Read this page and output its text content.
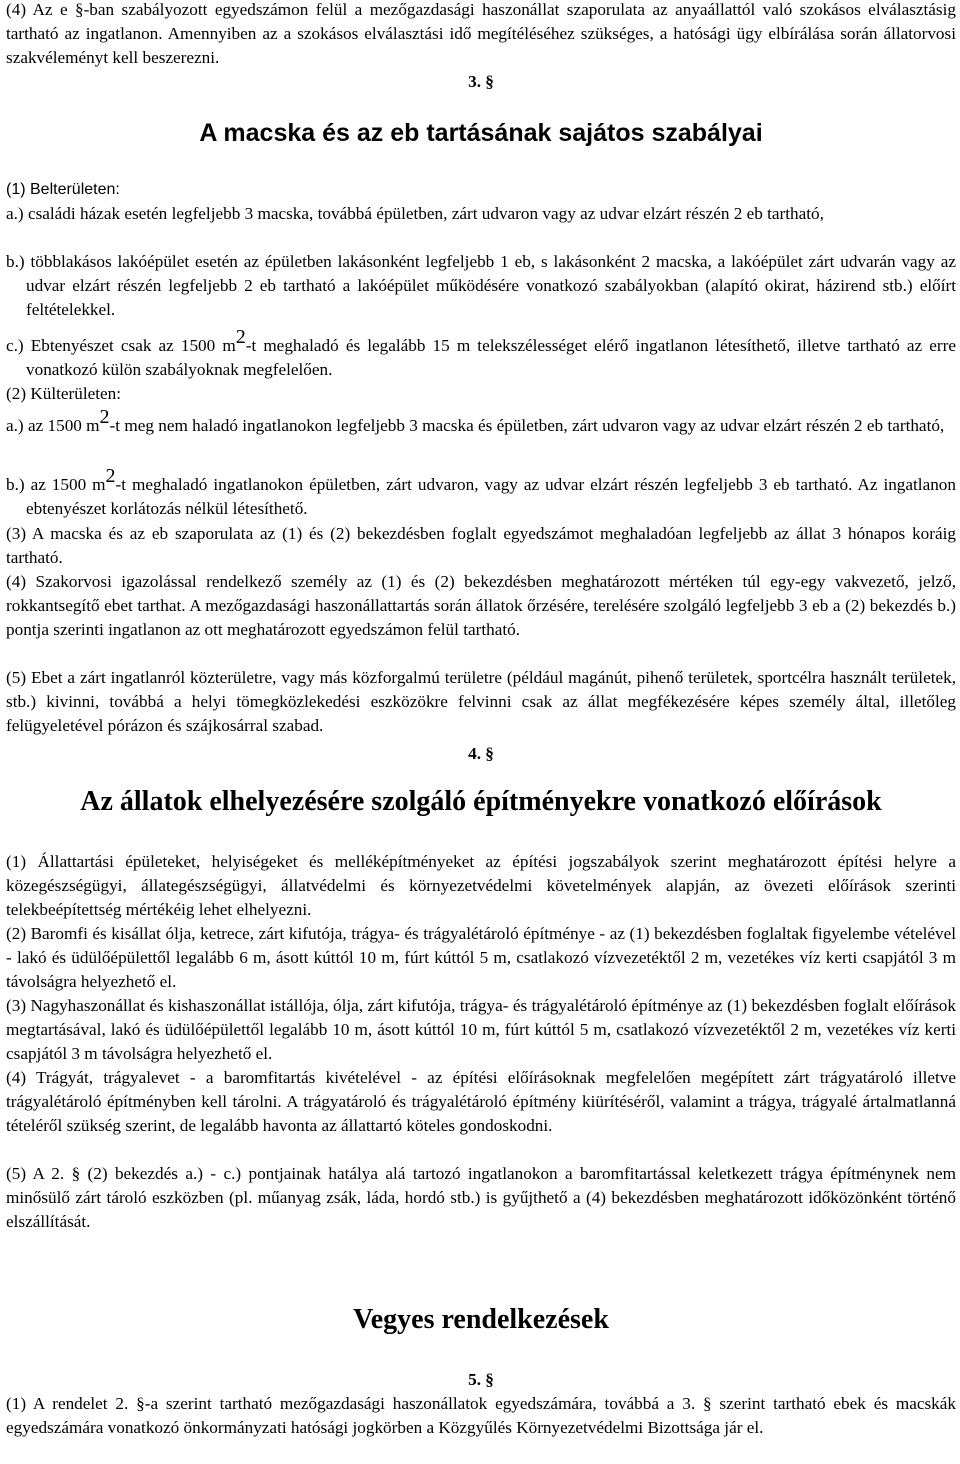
(4) Az e §-ban szabályozott egyedszámon felül a mezőgazdasági haszonállat szaporulata az anyaállattól való szokásos elválasztásig tartható az ingatlanon. Amennyiben az a szokásos elválasztási idő megítéléséhez szükséges, a hatósági ügy elbírálása során állatorvosi szakvéleményt kell beszerezni.

3. §

A macska és az eb tartásának sajátos szabályai

(1) Belterületen:

a.) családi házak esetén legfeljebb 3 macska, továbbá épületben, zárt udvaron vagy az udvar elzárt részén 2 eb tartható,

b.) többlakásos lakóépület esetén az épületben lakásonként legfeljebb 1 eb, s lakásonként 2 macska, a lakóépület zárt udvarán vagy az udvar elzárt részén legfeljebb 2 eb tartható a lakóépület működésére vonatkozó szabályokban (alapító okirat, házirend stb.) előírt feltételekkel.

c.) Ebtenyészet csak az 1500 m2-t meghaladó és legalább 15 m telekszélességet elérő ingatlanon létesíthető, illetve tartható az erre vonatkozó külön szabályoknak megfelelően.

(2) Külterületen:

a.) az 1500 m2-t meg nem haladó ingatlanokon legfeljebb 3 macska és épületben, zárt udvaron vagy az udvar elzárt részén 2 eb tartható,

b.) az 1500 m2-t meghaladó ingatlanokon épületben, zárt udvaron, vagy az udvar elzárt részén legfeljebb 3 eb tartható. Az ingatlanon ebtenyészet korlátozás nélkül létesíthető.

(3) A macska és az eb szaporulata az (1) és (2) bekezdésben foglalt egyedszámot meghaladóan legfeljebb az állat 3 hónapos koráig tartható.

(4) Szakorvosi igazolással rendelkező személy az (1) és (2) bekezdésben meghatározott mértéken túl egy-egy vakvezető, jelző, rokkantsegítő ebet tarthat. A mezőgazdasági haszonállattartás során állatok őrzésére, terelésére szolgáló legfeljebb 3 eb a (2) bekezdés b.) pontja szerinti ingatlanon az ott meghatározott egyedszámon felül tartható.

(5) Ebet a zárt ingatlanról közterületre, vagy más közforgalmú területre (például magánút, pihenő területek, sportcélra használt területek, stb.) kivinni, továbbá a helyi tömegközlekedési eszközökre felvinni csak az állat megfékezésére képes személy által, illetőleg felügyeletével pórázon és szájkosárral szabad.

4. §

Az állatok elhelyezésére szolgáló építményekre vonatkozó előírások

(1) Állattartási épületeket, helyiségeket és melléképítményeket az építési jogszabályok szerint meghatározott építési helyre a közegészségügyi, állategészségügyi, állatvédelmi és környezetvédelmi követelmények alapján, az övezeti előírások szerinti telekbeépítettség mértékéig lehet elhelyezni.

(2) Baromfi és kisállat ólja, ketrece, zárt kifutója, trágya- és trágyalétároló építménye - az (1) bekezdésben foglaltak figyelembe vételével - lakó és üdülőépülettől legalább 6 m, ásott kúttól 10 m, fúrt kúttól 5 m, csatlakozó vízvezetéktől 2 m, vezetékes víz kerti csapjától 3 m távolságra helyezhető el.

(3) Nagyhaszonállat és kishaszonállat istállója, ólja, zárt kifutója, trágya- és trágyalétároló építménye az (1) bekezdésben foglalt előírások megtartásával, lakó és üdülőépülettől legalább 10 m, ásott kúttól 10 m, fúrt kúttól 5 m, csatlakozó vízvezetéktől 2 m, vezetékes víz kerti csapjától 3 m távolságra helyezhető el.

(4) Trágyát, trágyalevet - a baromfitartás kivételével - az építési előírásoknak megfelelően megépített zárt trágyatároló illetve trágyalétároló építményben kell tárolni. A trágyatároló és trágyalétároló építmény kiürítéséről, valamint a trágya, trágyalé ártalmatlanná tételéről szükség szerint, de legalább havonta az állattartó köteles gondoskodni.

(5) A 2. § (2) bekezdés a.) - c.) pontjainak hatálya alá tartozó ingatlanokon a baromfitartással keletkezett trágya építménynek nem minősülő zárt tároló eszközben (pl. műanyag zsák, láda, hordó stb.) is gyűjthető a (4) bekezdésben meghatározott időközönként történő elszállítását.

Vegyes rendelkezések

5. §

(1) A rendelet 2. §-a szerint tartható mezőgazdasági haszonállatok egyedszámára, továbbá a 3. § szerint tartható ebek és macskák egyedszámára vonatkozó önkormányzati hatósági jogkörben a Közgyűlés Környezetvédelmi Bizottsága jár el.
